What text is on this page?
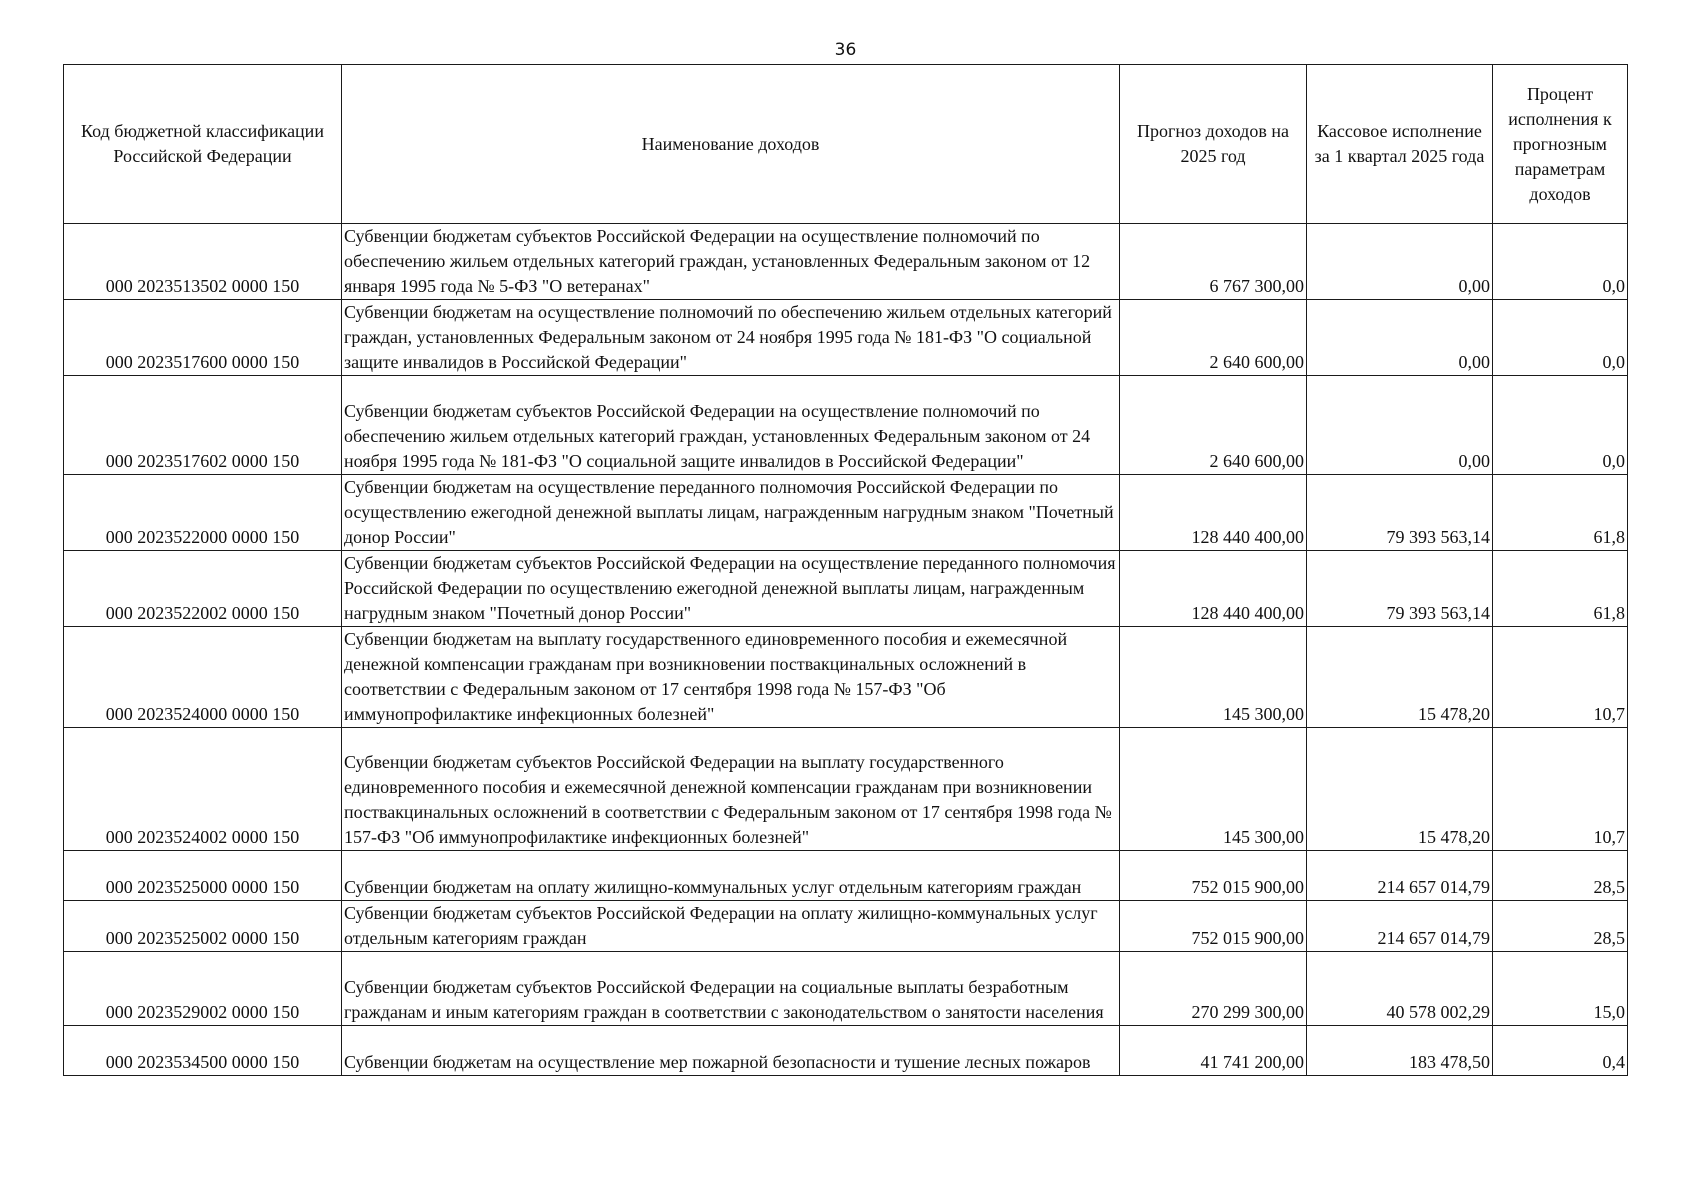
36
Код бюджетной классификации Российской Федерации	Наименование доходов	Прогноз доходов на 2025 год	Кассовое исполнение за 1 квартал 2025 года	Процент исполнения к прогнозным параметрам доходов
000 2023513502 0000 150	Субвенции бюджетам субъектов Российской Федерации на осуществление полномочий по обеспечению жильем отдельных категорий граждан, установленных Федеральным законом от 12 января 1995 года № 5-ФЗ "О ветеранах"	6 767 300,00	0,00	0,0
000 2023517600 0000 150	Субвенции бюджетам на осуществление полномочий по обеспечению жильем отдельных категорий граждан, установленных Федеральным законом от 24 ноября 1995 года № 181-ФЗ "О социальной защите инвалидов в Российской Федерации"	2 640 600,00	0,00	0,0
000 2023517602 0000 150	Субвенции бюджетам субъектов Российской Федерации на осуществление полномочий по обеспечению жильем отдельных категорий граждан, установленных Федеральным законом от 24 ноября 1995 года № 181-ФЗ "О социальной защите инвалидов в Российской Федерации"	2 640 600,00	0,00	0,0
000 2023522000 0000 150	Субвенции бюджетам на осуществление переданного полномочия Российской Федерации по осуществлению ежегодной денежной выплаты лицам, награжденным нагрудным знаком "Почетный донор России"	128 440 400,00	79 393 563,14	61,8
000 2023522002 0000 150	Субвенции бюджетам субъектов Российской Федерации на осуществление переданного полномочия Российской Федерации по осуществлению ежегодной денежной выплаты лицам, награжденным нагрудным знаком "Почетный донор России"	128 440 400,00	79 393 563,14	61,8
000 2023524000 0000 150	Субвенции бюджетам на выплату государственного единовременного пособия и ежемесячной денежной компенсации гражданам при возникновении поствакцинальных осложнений в соответствии с Федеральным законом от 17 сентября 1998 года № 157-ФЗ "Об иммунопрофилактике инфекционных болезней"	145 300,00	15 478,20	10,7
000 2023524002 0000 150	Субвенции бюджетам субъектов Российской Федерации на выплату государственного единовременного пособия и ежемесячной денежной компенсации гражданам при возникновении поствакцинальных осложнений в соответствии с Федеральным законом от 17 сентября 1998 года № 157-ФЗ "Об иммунопрофилактике инфекционных болезней"	145 300,00	15 478,20	10,7
000 2023525000 0000 150	Субвенции бюджетам на оплату жилищно-коммунальных услуг отдельным категориям граждан	752 015 900,00	214 657 014,79	28,5
000 2023525002 0000 150	Субвенции бюджетам субъектов Российской Федерации на оплату жилищно-коммунальных услуг отдельным категориям граждан	752 015 900,00	214 657 014,79	28,5
000 2023529002 0000 150	Субвенции бюджетам субъектов Российской Федерации на социальные выплаты безработным гражданам и иным категориям граждан в соответствии с законодательством о занятости населения	270 299 300,00	40 578 002,29	15,0
000 2023534500 0000 150	Субвенции бюджетам на осуществление мер пожарной безопасности и тушение лесных пожаров	41 741 200,00	183 478,50	0,4
